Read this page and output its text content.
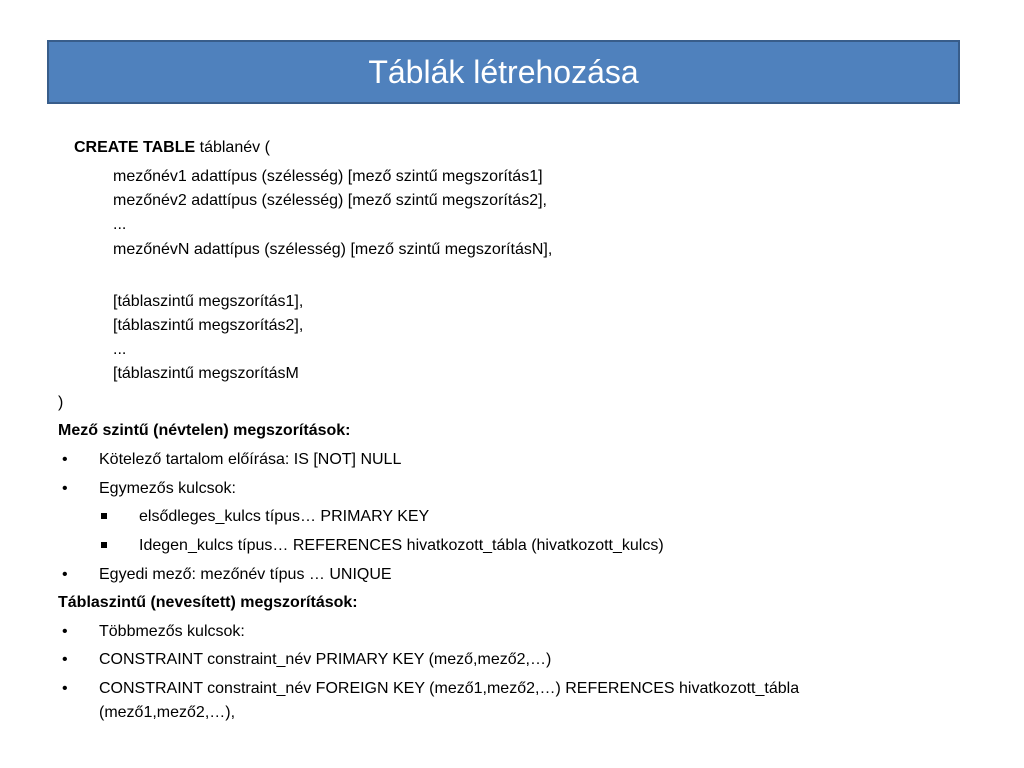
Táblák létrehozása
CREATE TABLE táblanév (
mezőnév1 adattípus (szélesség) [mező szintű megszorítás1]
mezőnév2 adattípus (szélesség) [mező szintű megszorítás2],
...
mezőnévN adattípus (szélesség) [mező szintű megszorításN],
[táblaszintű megszorítás1],
[táblaszintű megszorítás2],
...
[táblaszintű megszorításM
)
Mező szintű (névtelen) megszorítások:
• Kötelező tartalom előírása: IS [NOT] NULL
• Egymezős kulcsok:
elsődleges_kulcs típus… PRIMARY KEY
Idegen_kulcs típus… REFERENCES hivatkozott_tábla (hivatkozott_kulcs)
• Egyedi mező: mezőnév típus … UNIQUE
Táblaszintű (nevesített) megszorítások:
• Többmezős kulcsok:
• CONSTRAINT constraint_név PRIMARY KEY (mező,mező2,…)
• CONSTRAINT constraint_név FOREIGN KEY (mező1,mező2,…) REFERENCES hivatkozott_tábla
(mező1,mező2,…),
